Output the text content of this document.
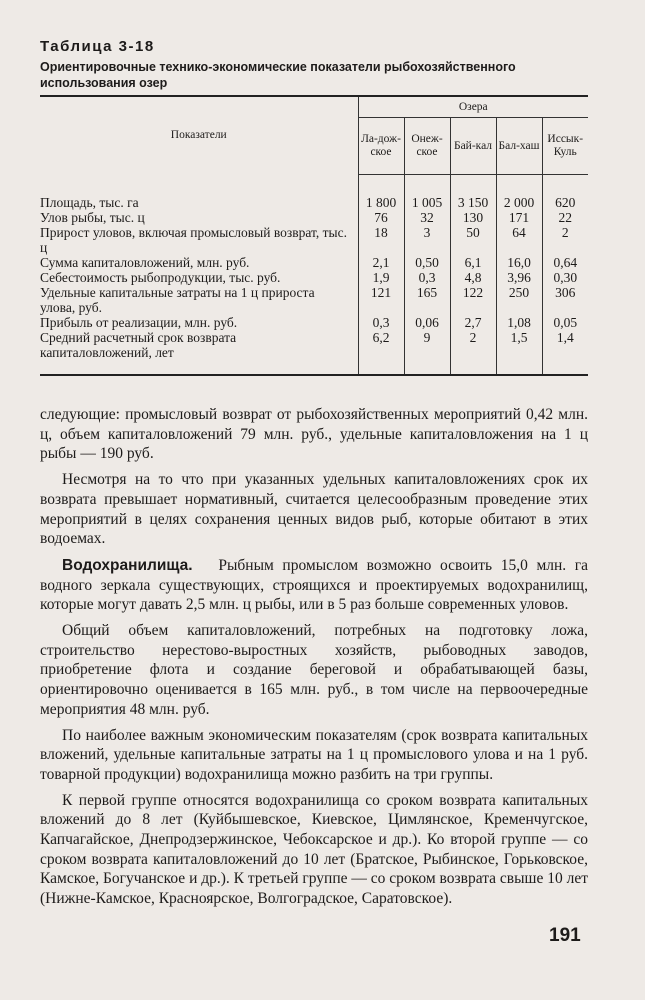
Таблица 3-18
Ориентировочные технико-экономические показатели рыбохозяйственного использования озер
Показатели	Озера				
	Ла-дож-ское	Онеж-ское	Бай-кал	Бал-хаш	Иссык-Куль
Площадь, тыс. га	1 800	1 005	3 150	2 000	620
Улов рыбы, тыс. ц	76	32	130	171	22
Прирост уловов, включая промысловый возврат, тыс. ц	18	3	50	64	2
Сумма капиталовложений, млн. руб.	2,1	0,50	6,1	16,0	0,64
Себестоимость рыбопродукции, тыс. руб.	1,9	0,3	4,8	3,96	0,30
Удельные капитальные затраты на 1 ц прироста улова, руб.	121	165	122	250	306
Прибыль от реализации, млн. руб.	0,3	0,06	2,7	1,08	0,05
Средний расчетный срок возврата капиталовложений, лет	6,2	9	2	1,5	1,4

следующие: промысловый возврат от рыбохозяйственных мероприятий 0,42 млн. ц, объем капиталовложений 79 млн. руб., удельные капиталовложения на 1 ц рыбы — 190 руб.

Несмотря на то что при указанных удельных капиталовложениях срок их возврата превышает нормативный, считается целесообразным проведение этих мероприятий в целях сохранения ценных видов рыб, которые обитают в этих водоемах.

Водохранилища. Рыбным промыслом возможно освоить 15,0 млн. га водного зеркала существующих, строящихся и проектируемых водохранилищ, которые могут давать 2,5 млн. ц рыбы, или в 5 раз больше современных уловов.

Общий объем капиталовложений, потребных на подготовку ложа, строительство нерестово-выростных хозяйств, рыбоводных заводов, приобретение флота и создание береговой и обрабатывающей базы, ориентировочно оценивается в 165 млн. руб., в том числе на первоочередные мероприятия 48 млн. руб.

По наиболее важным экономическим показателям (срок возврата капитальных вложений, удельные капитальные затраты на 1 ц промыслового улова и на 1 руб. товарной продукции) водохранилища можно разбить на три группы.

К первой группе относятся водохранилища со сроком возврата капитальных вложений до 8 лет (Куйбышевское, Киевское, Цимлянское, Кременчугское, Капчагайское, Днепродзержинское, Чебоксарское и др.). Ко второй группе — со сроком возврата капиталовложений до 10 лет (Братское, Рыбинское, Горьковское, Камское, Богучанское и др.). К третьей группе — со сроком возврата свыше 10 лет (Нижне-Камское, Красноярское, Волгоградское, Саратовское).

191
